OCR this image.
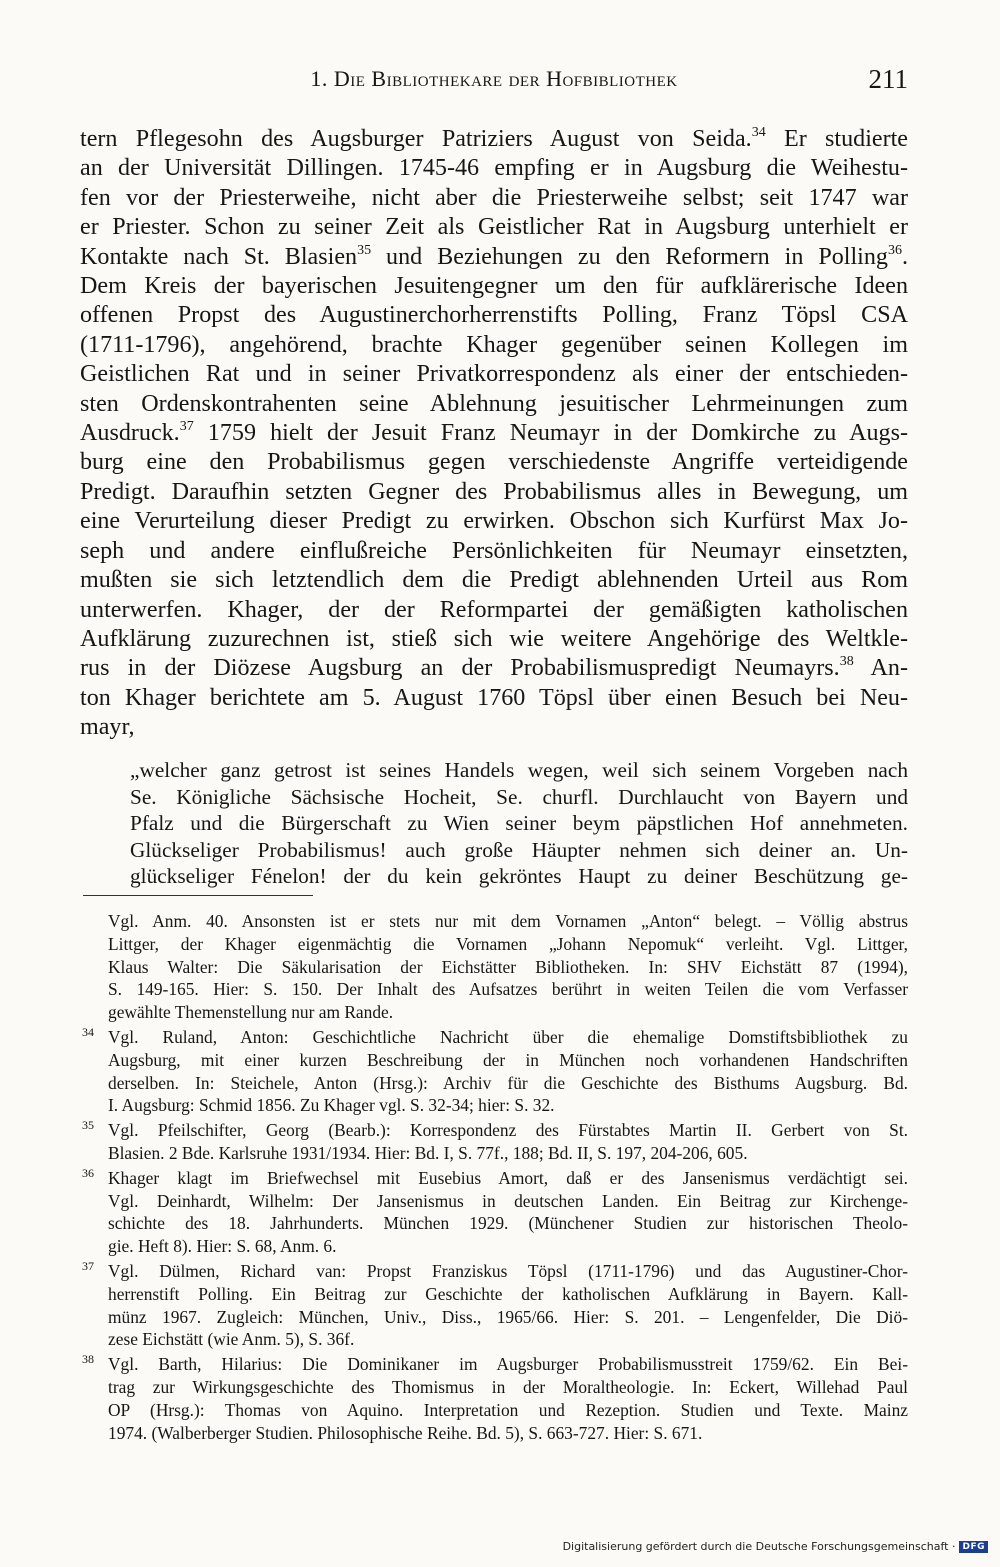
1. Die Bibliothekare der Hofbibliothek	211
tern Pflegesohn des Augsburger Patriziers August von Seida.$^{34}$ Er studierte
an der Universität Dillingen. 1745-46 empfing er in Augsburg die Weihestu-
fen vor der Priesterweihe, nicht aber die Priesterweihe selbst; seit 1747 war
er Priester. Schon zu seiner Zeit als Geistlicher Rat in Augsburg unterhielt er
Kontakte nach St. Blasien$^{35}$ und Beziehungen zu den Reformern in Polling$^{36}$.
Dem Kreis der bayerischen Jesuitengegner um den für aufklärerische Ideen
offenen Propst des Augustinerchorherrenstifts Polling, Franz Töpsl CSA
(1711-1796), angehörend, brachte Khager gegenüber seinen Kollegen im
Geistlichen Rat und in seiner Privatkorrespondenz als einer der entschieden-
sten Ordenskontrahenten seine Ablehnung jesuitischer Lehrmeinungen zum
Ausdruck.$^{37}$ 1759 hielt der Jesuit Franz Neumayr in der Domkirche zu Augs-
burg eine den Probabilismus gegen verschiedenste Angriffe verteidigende
Predigt. Daraufhin setzten Gegner des Probabilismus alles in Bewegung, um
eine Verurteilung dieser Predigt zu erwirken. Obschon sich Kurfürst Max Jo-
seph und andere einflußreiche Persönlichkeiten für Neumayr einsetzten,
mußten sie sich letztendlich dem die Predigt ablehnenden Urteil aus Rom
unterwerfen. Khager, der der Reformpartei der gemäßigten katholischen
Aufklärung zuzurechnen ist, stieß sich wie weitere Angehörige des Weltkle-
rus in der Diözese Augsburg an der Probabilismuspredigt Neumayrs.$^{38}$ An-
ton Khager berichtete am 5. August 1760 Töpsl über einen Besuch bei Neu-
mayr,
„welcher ganz getrost ist seines Handels wegen, weil sich seinem Vorgeben nach
Se. Königliche Sächsische Hocheit, Se. churfl. Durchlaucht von Bayern und
Pfalz und die Bürgerschaft zu Wien seiner beym päpstlichen Hof annehmeten.
Glückseliger Probabilismus! auch große Häupter nehmen sich deiner an. Un-
glückseliger Fénelon! der du kein gekröntes Haupt zu deiner Beschützung ge-
Vgl. Anm. 40. Ansonsten ist er stets nur mit dem Vornamen „Anton“ belegt. – Völlig abstrus
Littger, der Khager eigenmächtig die Vornamen „Johann Nepomuk“ verleiht. Vgl. Littger,
Klaus Walter: Die Säkularisation der Eichstätter Bibliotheken. In: SHV Eichstätt 87 (1994),
S. 149-165. Hier: S. 150. Der Inhalt des Aufsatzes berührt in weiten Teilen die vom Verfasser
gewählte Themenstellung nur am Rande.
34 Vgl. Ruland, Anton: Geschichtliche Nachricht über die ehemalige Domstiftsbibliothek zu
Augsburg, mit einer kurzen Beschreibung der in München noch vorhandenen Handschriften
derselben. In: Steichele, Anton (Hrsg.): Archiv für die Geschichte des Bisthums Augsburg. Bd.
I. Augsburg: Schmid 1856. Zu Khager vgl. S. 32-34; hier: S. 32.
35 Vgl. Pfeilschifter, Georg (Bearb.): Korrespondenz des Fürstabtes Martin II. Gerbert von St.
Blasien. 2 Bde. Karlsruhe 1931/1934. Hier: Bd. I, S. 77f., 188; Bd. II, S. 197, 204-206, 605.
36 Khager klagt im Briefwechsel mit Eusebius Amort, daß er des Jansenismus verdächtigt sei.
Vgl. Deinhardt, Wilhelm: Der Jansenismus in deutschen Landen. Ein Beitrag zur Kirchenge-
schichte des 18. Jahrhunderts. München 1929. (Münchener Studien zur historischen Theolo-
gie. Heft 8). Hier: S. 68, Anm. 6.
37 Vgl. Dülmen, Richard van: Propst Franziskus Töpsl (1711-1796) und das Augustiner-Chor-
herrenstift Polling. Ein Beitrag zur Geschichte der katholischen Aufklärung in Bayern. Kall-
münz 1967. Zugleich: München, Univ., Diss., 1965/66. Hier: S. 201. – Lengenfelder, Die Diö-
zese Eichstätt (wie Anm. 5), S. 36f.
38 Vgl. Barth, Hilarius: Die Dominikaner im Augsburger Probabilismusstreit 1759/62. Ein Bei-
trag zur Wirkungsgeschichte des Thomismus in der Moraltheologie. In: Eckert, Willehad Paul
OP (Hrsg.): Thomas von Aquino. Interpretation und Rezeption. Studien und Texte. Mainz
1974. (Walberberger Studien. Philosophische Reihe. Bd. 5), S. 663-727. Hier: S. 671.
Digitalisierung gefördert durch die Deutsche Forschungsgemeinschaft · DFG
